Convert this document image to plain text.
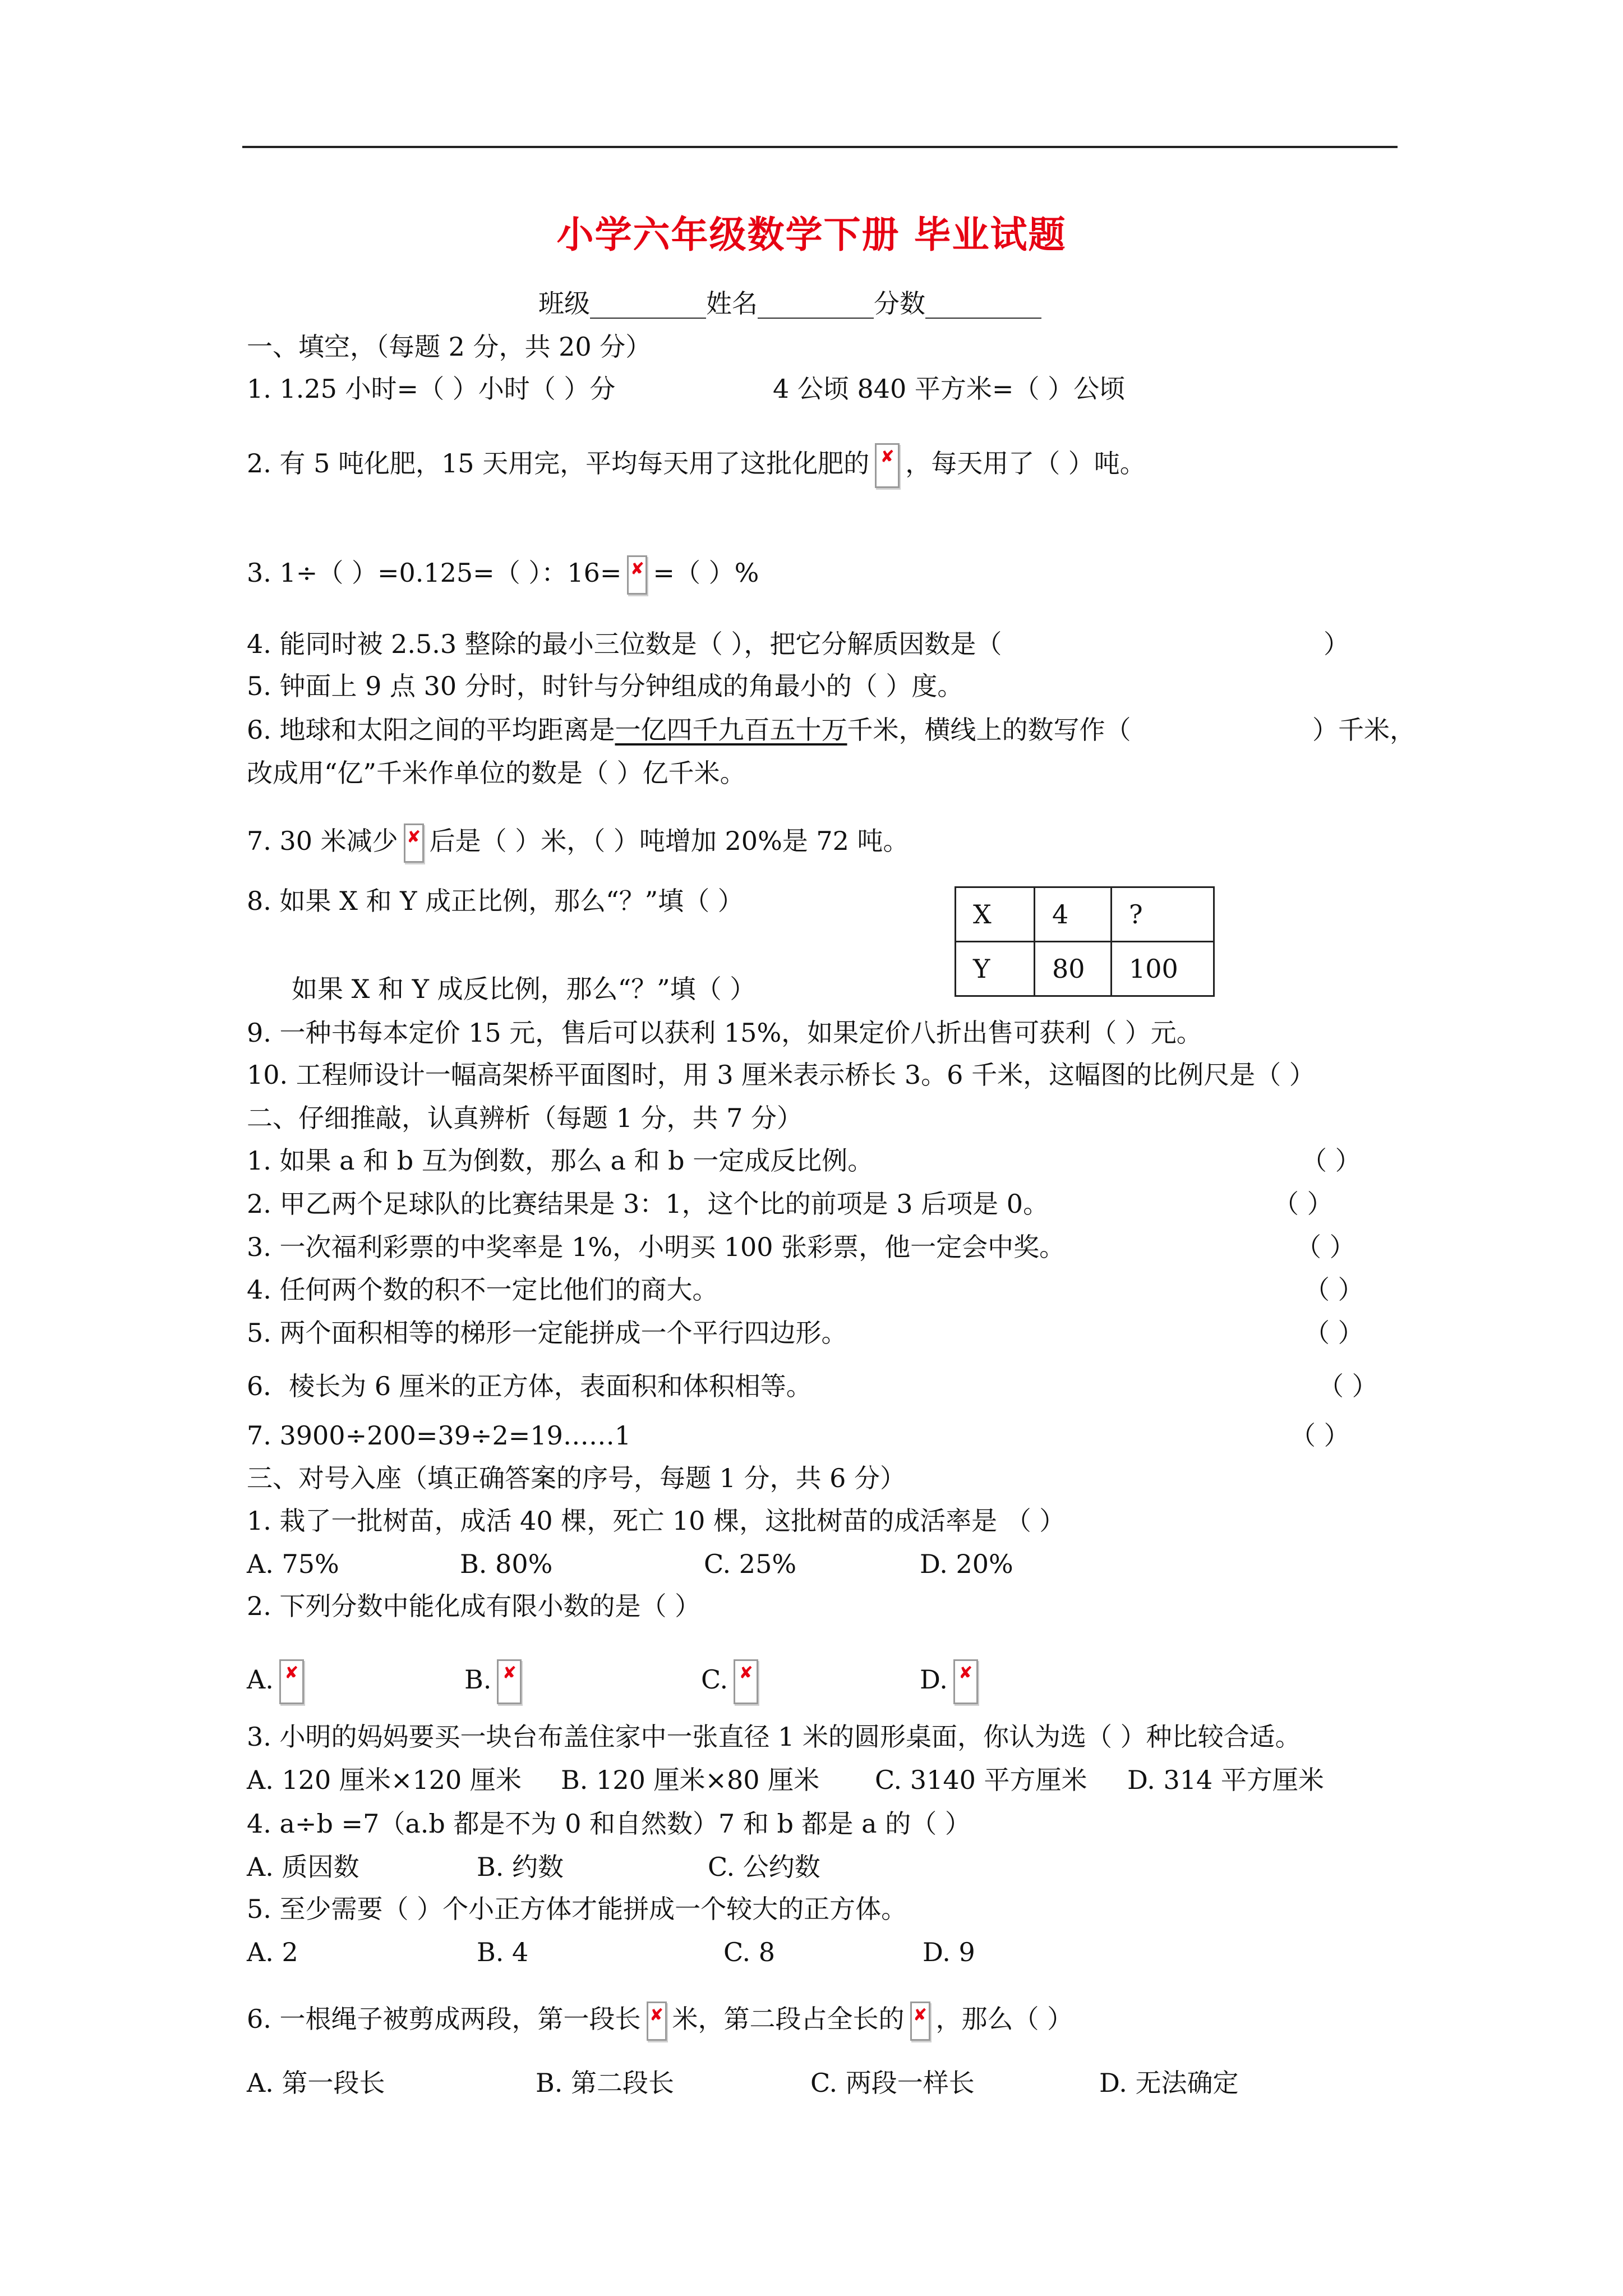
小学六年级数学下册 毕业试题
班级_________姓名_________分数_________
一、填空，（每题 2 分，共 20 分）
1. 1.25 小时=（ ）小时（ ）分	4 公顷 840 平方米=（ ）公顷
2. 有 5 吨化肥，15 天用完，平均每天用了这批化肥的 ✘ ，每天用了（ ）吨。
3. 1÷（ ）=0.125=（ ）：16= ✘ =（ ）%
4. 能同时被 2.5.3 整除的最小三位数是（ ），把它分解质因数是（	）
5. 钟面上 9 点 30 分时，时针与分钟组成的角最小的（ ）度。
6. 地球和太阳之间的平均距离是一亿四千九百五十万千米，横线上的数写作（	）千米，
改成用“亿”千米作单位的数是（ ）亿千米。
7. 30 米减少 ✘ 后是（ ）米，（ ）吨增加 20%是 72 吨。
8. 如果 X 和 Y 成正比例，那么“？”填（ ）	X	4	?
Y	80	100
如果 X 和 Y 成反比例，那么“？”填（ ）
9. 一种书每本定价 15 元，售后可以获利 15%，如果定价八折出售可获利（ ）元。
10. 工程师设计一幅高架桥平面图时，用 3 厘米表示桥长 3。6 千米，这幅图的比例尺是（ ）
二、仔细推敲，认真辨析（每题 1 分，共 7 分）
1. 如果 a 和 b 互为倒数，那么 a 和 b 一定成反比例。	（ ）
2. 甲乙两个足球队的比赛结果是 3：1，这个比的前项是 3 后项是 0。	（ ）
3. 一次福利彩票的中奖率是 1%，小明买 100 张彩票，他一定会中奖。	（ ）
4. 任何两个数的积不一定比他们的商大。	（ ）
5. 两个面积相等的梯形一定能拼成一个平行四边形。	（ ）
6．棱长为 6 厘米的正方体，表面积和体积相等。	（ ）
7. 3900÷200=39÷2=19……1	（ ）
三、对号入座（填正确答案的序号，每题 1 分，共 6 分）
1. 栽了一批树苗，成活 40 棵，死亡 10 棵，这批树苗的成活率是 （ ）
A. 75%	B. 80%	C. 25%	D. 20%
2. 下列分数中能化成有限小数的是（ ）
A. ✘	B. ✘	C. ✘	D. ✘
3. 小明的妈妈要买一块台布盖住家中一张直径 1 米的圆形桌面，你认为选（ ）种比较合适。
A. 120 厘米×120 厘米 B. 120 厘米×80 厘米 C. 3140 平方厘米 D. 314 平方厘米
4. a÷b =7（a.b 都是不为 0 和自然数）7 和 b 都是 a 的（ ）
A. 质因数	B. 约数	C. 公约数
5. 至少需要（ ）个小正方体才能拼成一个较大的正方体。
A. 2	B. 4	C. 8	D. 9
6. 一根绳子被剪成两段，第一段长 ✘ 米，第二段占全长的 ✘ ，那么（ ）
A. 第一段长	B. 第二段长	C. 两段一样长	D. 无法确定
